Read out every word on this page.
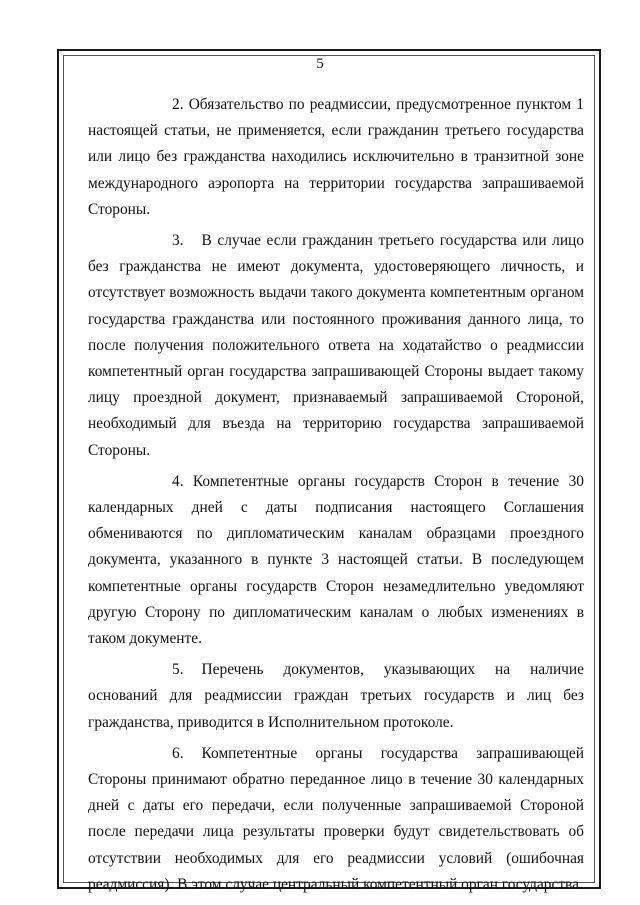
5

2. Обязательство по реадмиссии, предусмотренное пунктом 1 настоящей статьи, не применяется, если гражданин третьего государства или лицо без гражданства находились исключительно в транзитной зоне международного аэропорта на территории государства запрашиваемой Стороны.

3. В случае если гражданин третьего государства или лицо без гражданства не имеют документа, удостоверяющего личность, и отсутствует возможность выдачи такого документа компетентным органом государства гражданства или постоянного проживания данного лица, то после получения положительного ответа на ходатайство о реадмиссии компетентный орган государства запрашивающей Стороны выдает такому лицу проездной документ, признаваемый запрашиваемой Стороной, необходимый для въезда на территорию государства запрашиваемой Стороны.

4. Компетентные органы государств Сторон в течение 30 календарных дней с даты подписания настоящего Соглашения обмениваются по дипломатическим каналам образцами проездного документа, указанного в пункте 3 настоящей статьи. В последующем компетентные органы государств Сторон незамедлительно уведомляют другую Сторону по дипломатическим каналам о любых изменениях в таком документе.

5. Перечень документов, указывающих на наличие оснований для реадмиссии граждан третьих государств и лиц без гражданства, приводится в Исполнительном протоколе.

6. Компетентные органы государства запрашивающей Стороны принимают обратно переданное лицо в течение 30 календарных дней с даты его передачи, если полученные запрашиваемой Стороной после передачи лица результаты проверки будут свидетельствовать об отсутствии необходимых для его реадмиссии условий (ошибочная реадмиссия). В этом случае центральный компетентный орган государства
